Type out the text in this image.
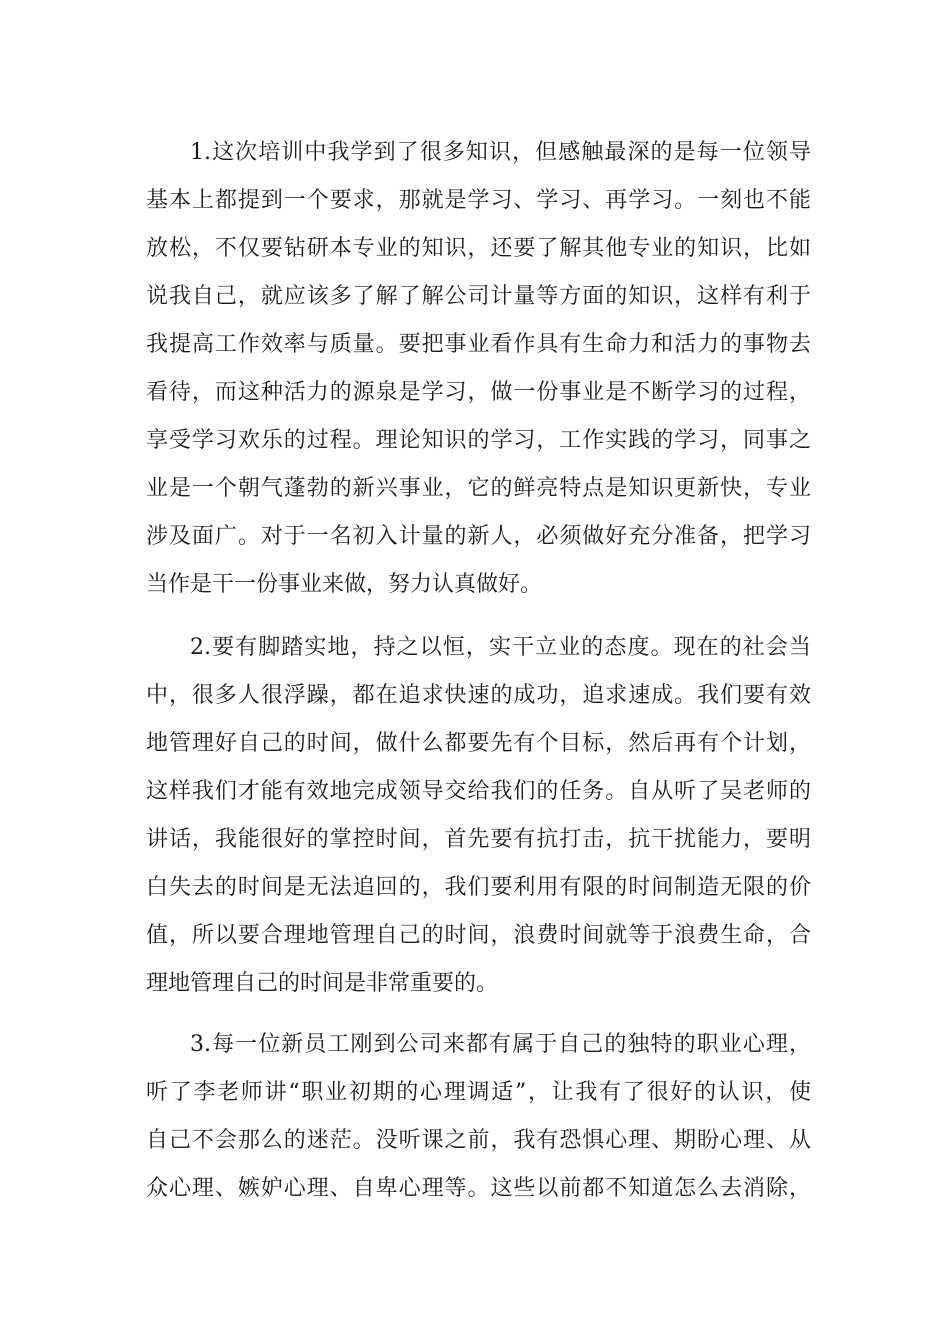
1.这次培训中我学到了很多知识，但感触最深的是每一位领导
基本上都提到一个要求，那就是学习、学习、再学习。一刻也不能
放松，不仅要钻研本专业的知识，还要了解其他专业的知识，比如
说我自己，就应该多了解了解公司计量等方面的知识，这样有利于
我提高工作效率与质量。要把事业看作具有生命力和活力的事物去
看待，而这种活力的源泉是学习，做一份事业是不断学习的过程，
享受学习欢乐的过程。理论知识的学习，工作实践的学习，同事之
业是一个朝气蓬勃的新兴事业，它的鲜亮特点是知识更新快，专业
涉及面广。对于一名初入计量的新人，必须做好充分准备，把学习
当作是干一份事业来做，努力认真做好。
2.要有脚踏实地，持之以恒，实干立业的态度。现在的社会当
中，很多人很浮躁，都在追求快速的成功，追求速成。我们要有效
地管理好自己的时间，做什么都要先有个目标，然后再有个计划，
这样我们才能有效地完成领导交给我们的任务。自从听了吴老师的
讲话，我能很好的掌控时间，首先要有抗打击，抗干扰能力，要明
白失去的时间是无法追回的，我们要利用有限的时间制造无限的价
值，所以要合理地管理自己的时间，浪费时间就等于浪费生命，合
理地管理自己的时间是非常重要的。
3.每一位新员工刚到公司来都有属于自己的独特的职业心理，
听了李老师讲“职业初期的心理调适”，让我有了很好的认识，使
自己不会那么的迷茫。没听课之前，我有恐惧心理、期盼心理、从
众心理、嫉妒心理、自卑心理等。这些以前都不知道怎么去消除，
